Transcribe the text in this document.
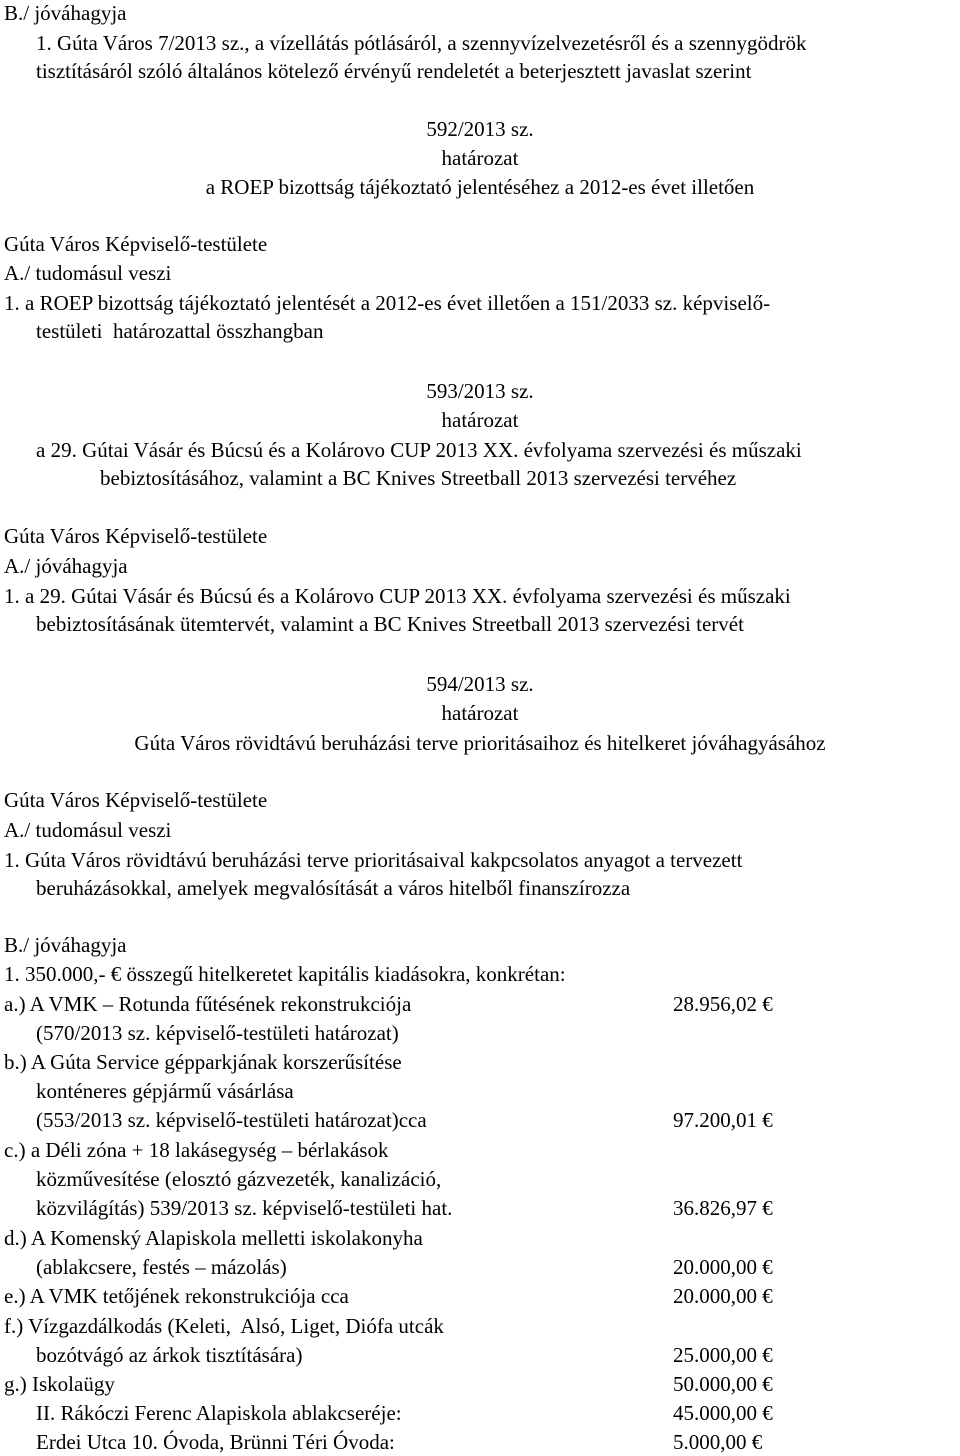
B./ jóváhagyja
1. Gúta Város 7/2013 sz., a vízellátás pótlásáról, a szennyvízelvezetésről és a szennygödrök
tisztításáról szóló általános kötelező érvényű rendeletét a beterjesztett javaslat szerint
592/2013 sz.
határozat
a ROEP bizottság tájékoztató jelentéséhez a 2012-es évet illetően
Gúta Város Képviselő-testülete
A./ tudomásul veszi
1. a ROEP bizottság tájékoztató jelentését a 2012-es évet illetően a 151/2033 sz. képviselő-
testületi  határozattal összhangban
593/2013 sz.
határozat
a 29. Gútai Vásár és Búcsú és a Kolárovo CUP 2013 XX. évfolyama szervezési és műszaki
bebiztosításához, valamint a BC Knives Streetball 2013 szervezési tervéhez
Gúta Város Képviselő-testülete
A./ jóváhagyja
1. a 29. Gútai Vásár és Búcsú és a Kolárovo CUP 2013 XX. évfolyama szervezési és műszaki
bebiztosításának ütemtervét, valamint a BC Knives Streetball 2013 szervezési tervét
594/2013 sz.
határozat
Gúta Város rövidtávú beruházási terve prioritásaihoz és hitelkeret jóváhagyásához
Gúta Város Képviselő-testülete
A./ tudomásul veszi
1. Gúta Város rövidtávú beruházási terve prioritásaival kakpcsolatos anyagot a tervezett
beruházásokkal, amelyek megvalósítását a város hitelből finanszírozza
B./ jóváhagyja
1. 350.000,- € összegű hitelkeretet kapitális kiadásokra, konkrétan:
a.) A VMK – Rotunda fűtésének rekonstrukciója	28.956,02 €
(570/2013 sz. képviselő-testületi határozat)
b.) A Gúta Service gépparkjának korszerűsítése
konténeres gépjármű vásárlása
(553/2013 sz. képviselő-testületi határozat)cca	97.200,01 €
c.) a Déli zóna + 18 lakásegység – bérlakások
közművesítése (elosztó gázvezeték, kanalizáció,
közvilágítás) 539/2013 sz. képviselő-testületi hat.	36.826,97 €
d.) A Komenský Alapiskola melletti iskolakonyha
(ablakcsere, festés – mázolás)	20.000,00 €
e.) A VMK tetőjének rekonstrukciója cca	20.000,00 €
f.) Vízgazdálkodás (Keleti,  Alsó, Liget, Diófa utcák
bozótvágó az árkok tisztítására)	25.000,00 €
g.) Iskolaügy	50.000,00 €
II. Rákóczi Ferenc Alapiskola ablakcseréje:	45.000,00 €
Erdei Utca 10. Óvoda, Brünni Téri Óvoda:	5.000,00 €
